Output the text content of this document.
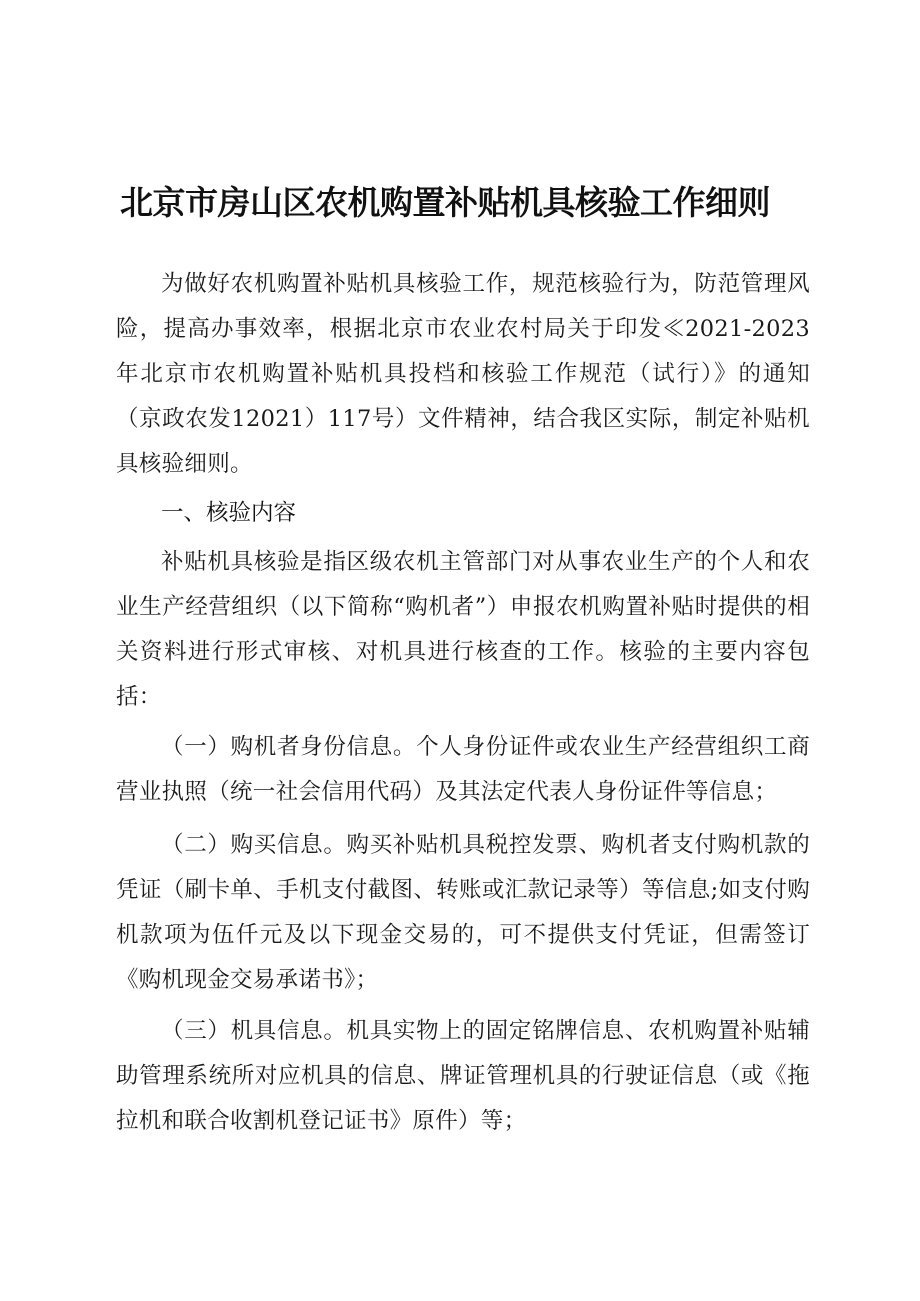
北京市房山区农机购置补贴机具核验工作细则

为做好农机购置补贴机具核验工作，规范核验行为，防范管理风险，提高办事效率，根据北京市农业农村局关于印发≪2021-2023年北京市农机购置补贴机具投档和核验工作规范（试行）》的通知（京政农发12021）117号）文件精神，结合我区实际，制定补贴机具核验细则。

一、核验内容

补贴机具核验是指区级农机主管部门对从事农业生产的个人和农业生产经营组织（以下简称“购机者”）申报农机购置补贴时提供的相关资料进行形式审核、对机具进行核查的工作。核验的主要内容包括：

（一）购机者身份信息。个人身份证件或农业生产经营组织工商营业执照（统一社会信用代码）及其法定代表人身份证件等信息；

（二）购买信息。购买补贴机具税控发票、购机者支付购机款的凭证（刷卡单、手机支付截图、转账或汇款记录等）等信息;如支付购机款项为伍仟元及以下现金交易的，可不提供支付凭证，但需签订《购机现金交易承诺书》；

（三）机具信息。机具实物上的固定铭牌信息、农机购置补贴辅助管理系统所对应机具的信息、牌证管理机具的行驶证信息（或《拖拉机和联合收割机登记证书》原件）等；
